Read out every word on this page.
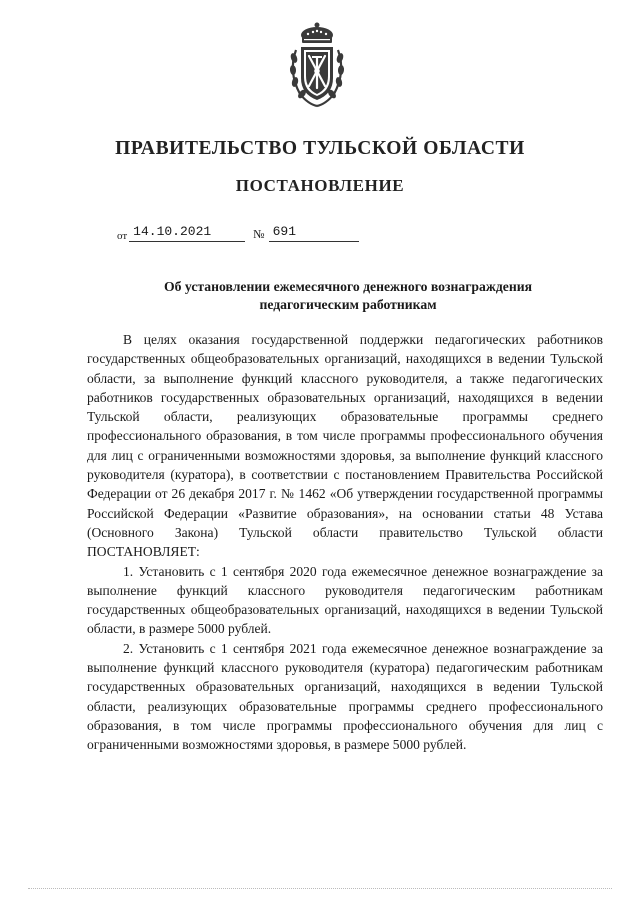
ПРАВИТЕЛЬСТВО ТУЛЬСКОЙ ОБЛАСТИ
ПОСТАНОВЛЕНИЕ
от 14.10.2021	№ 691
Об установлении ежемесячного денежного вознаграждения
педагогическим работникам

В целях оказания государственной поддержки педагогических работников государственных общеобразовательных организаций, находящихся в ведении Тульской области, за выполнение функций классного руководителя, а также педагогических работников государственных образовательных организаций, находящихся в ведении Тульской области, реализующих образовательные программы среднего профессионального образования, в том числе программы профессионального обучения для лиц с ограниченными возможностями здоровья, за выполнение функций классного руководителя (куратора), в соответствии с постановлением Правительства Российской Федерации от 26 декабря 2017 г. № 1462 «Об утверждении государственной программы Российской Федерации «Развитие образования», на основании статьи 48 Устава (Основного Закона) Тульской области правительство Тульской области ПОСТАНОВЛЯЕТ:

1. Установить с 1 сентября 2020 года ежемесячное денежное вознаграждение за выполнение функций классного руководителя педагогическим работникам государственных общеобразовательных организаций, находящихся в ведении Тульской области, в размере 5000 рублей.

2. Установить с 1 сентября 2021 года ежемесячное денежное вознаграждение за выполнение функций классного руководителя (куратора) педагогическим работникам государственных образовательных организаций, находящихся в ведении Тульской области, реализующих образовательные программы среднего профессионального образования, в том числе программы профессионального обучения для лиц с ограниченными возможностями здоровья, в размере 5000 рублей.
